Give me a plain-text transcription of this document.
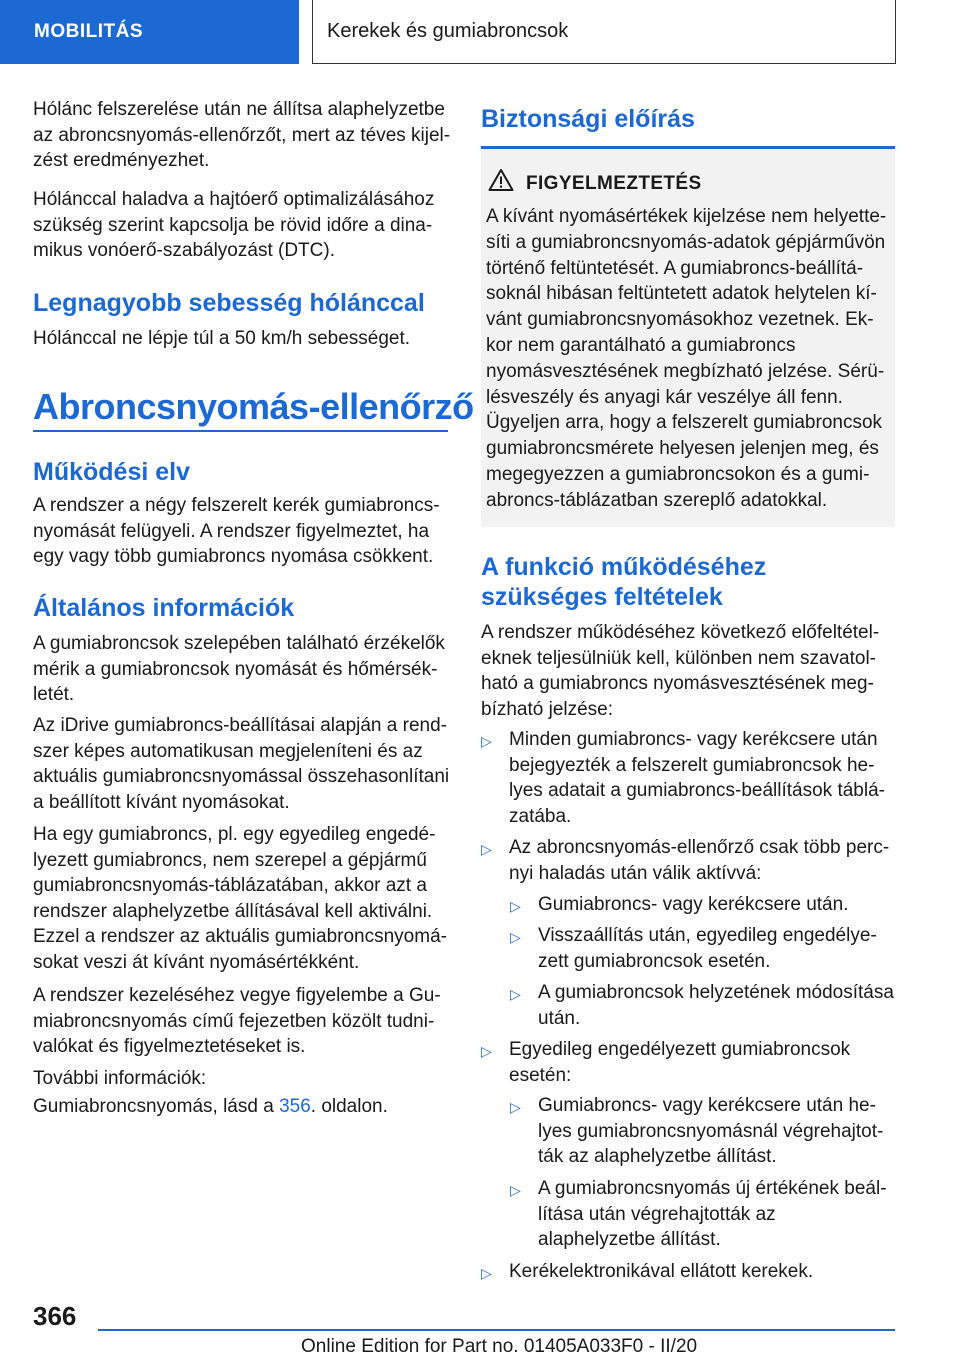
MOBILITÁS	Kerekek és gumiabroncsok

Hólánc felszerelése után ne állítsa alaphelyzetbe az abroncsnyomás-ellenőrzőt, mert az téves kijelzést eredményezhet.

Hólánccal haladva a hajtóerő optimalizálásához szükség szerint kapcsolja be rövid időre a dinamikus vonóerő-szabályozást (DTC).

Legnagyobb sebesség hólánccal

Hólánccal ne lépje túl a 50 km/h sebességet.

Abroncsnyomás-ellenőrző
Működési elv

A rendszer a négy felszerelt kerék gumiabroncsnyomását felügyeli. A rendszer figyelmeztet, ha egy vagy több gumiabroncs nyomása csökkent.

Általános információk

A gumiabroncsok szelepében található érzékelők mérik a gumiabroncsok nyomását és hőmérsékletét.

Az iDrive gumiabroncs-beállításai alapján a rendszer képes automatikusan megjeleníteni és az aktuális gumiabroncsnyomással összehasonlítani a beállított kívánt nyomásokat.

Ha egy gumiabroncs, pl. egy egyedileg engedélyezett gumiabroncs, nem szerepel a gépjármű gumiabroncsnyomás-táblázatában, akkor azt a rendszer alaphelyzetbe állításával kell aktiválni. Ezzel a rendszer az aktuális gumiabroncsnyomásokat veszi át kívánt nyomásértékként.

A rendszer kezeléséhez vegye figyelembe a Gumiabroncsnyomás című fejezetben közölt tudnivalókat és figyelmeztetéseket is.

További információk:

Gumiabroncsnyomás, lásd a 356. oldalon.

Biztonsági előírás
FIGYELMEZTETÉS

A kívánt nyomásértékek kijelzése nem helyettesíti a gumiabroncsnyomás-adatok gépjárművön történő feltüntetését. A gumiabroncs-beállításoknál hibásan feltüntetett adatok helytelen kívánt gumiabroncsnyomásokhoz vezetnek. Ekkor nem garantálható a gumiabroncs nyomásvesztésének megbízható jelzése. Sérülésveszély és anyagi kár veszélye áll fenn. Ügyeljen arra, hogy a felszerelt gumiabroncsok gumiabroncsmérete helyesen jelenjen meg, és megegyezzen a gumiabroncsokon és a gumiabroncs-táblázatban szereplő adatokkal.

A funkció működéséhez szükséges feltételek

A rendszer működéséhez következő előfeltételeknek teljesülniük kell, különben nem szavatolható a gumiabroncs nyomásvesztésének megbízható jelzése:

▷ Minden gumiabroncs- vagy kerékcsere után bejegyezték a felszerelt gumiabroncsok helyes adatait a gumiabroncs-beállítások táblázatába.

▷ Az abroncsnyomás-ellenőrző csak több percnyi haladás után válik aktívvá:

▷ Gumiabroncs- vagy kerékcsere után.

▷ Visszaállítás után, egyedileg engedélyezett gumiabroncsok esetén.

▷ A gumiabroncsok helyzetének módosítása után.

▷ Egyedileg engedélyezett gumiabroncsok esetén:

▷ Gumiabroncs- vagy kerékcsere után helyes gumiabroncsnyomásnál végrehajtották az alaphelyzetbe állítást.

▷ A gumiabroncsnyomás új értékének beállítása után végrehajtották az alaphelyzetbe állítást.

▷ Kerékelektronikával ellátott kerekek.

366
Online Edition for Part no. 01405A033F0 - II/20
